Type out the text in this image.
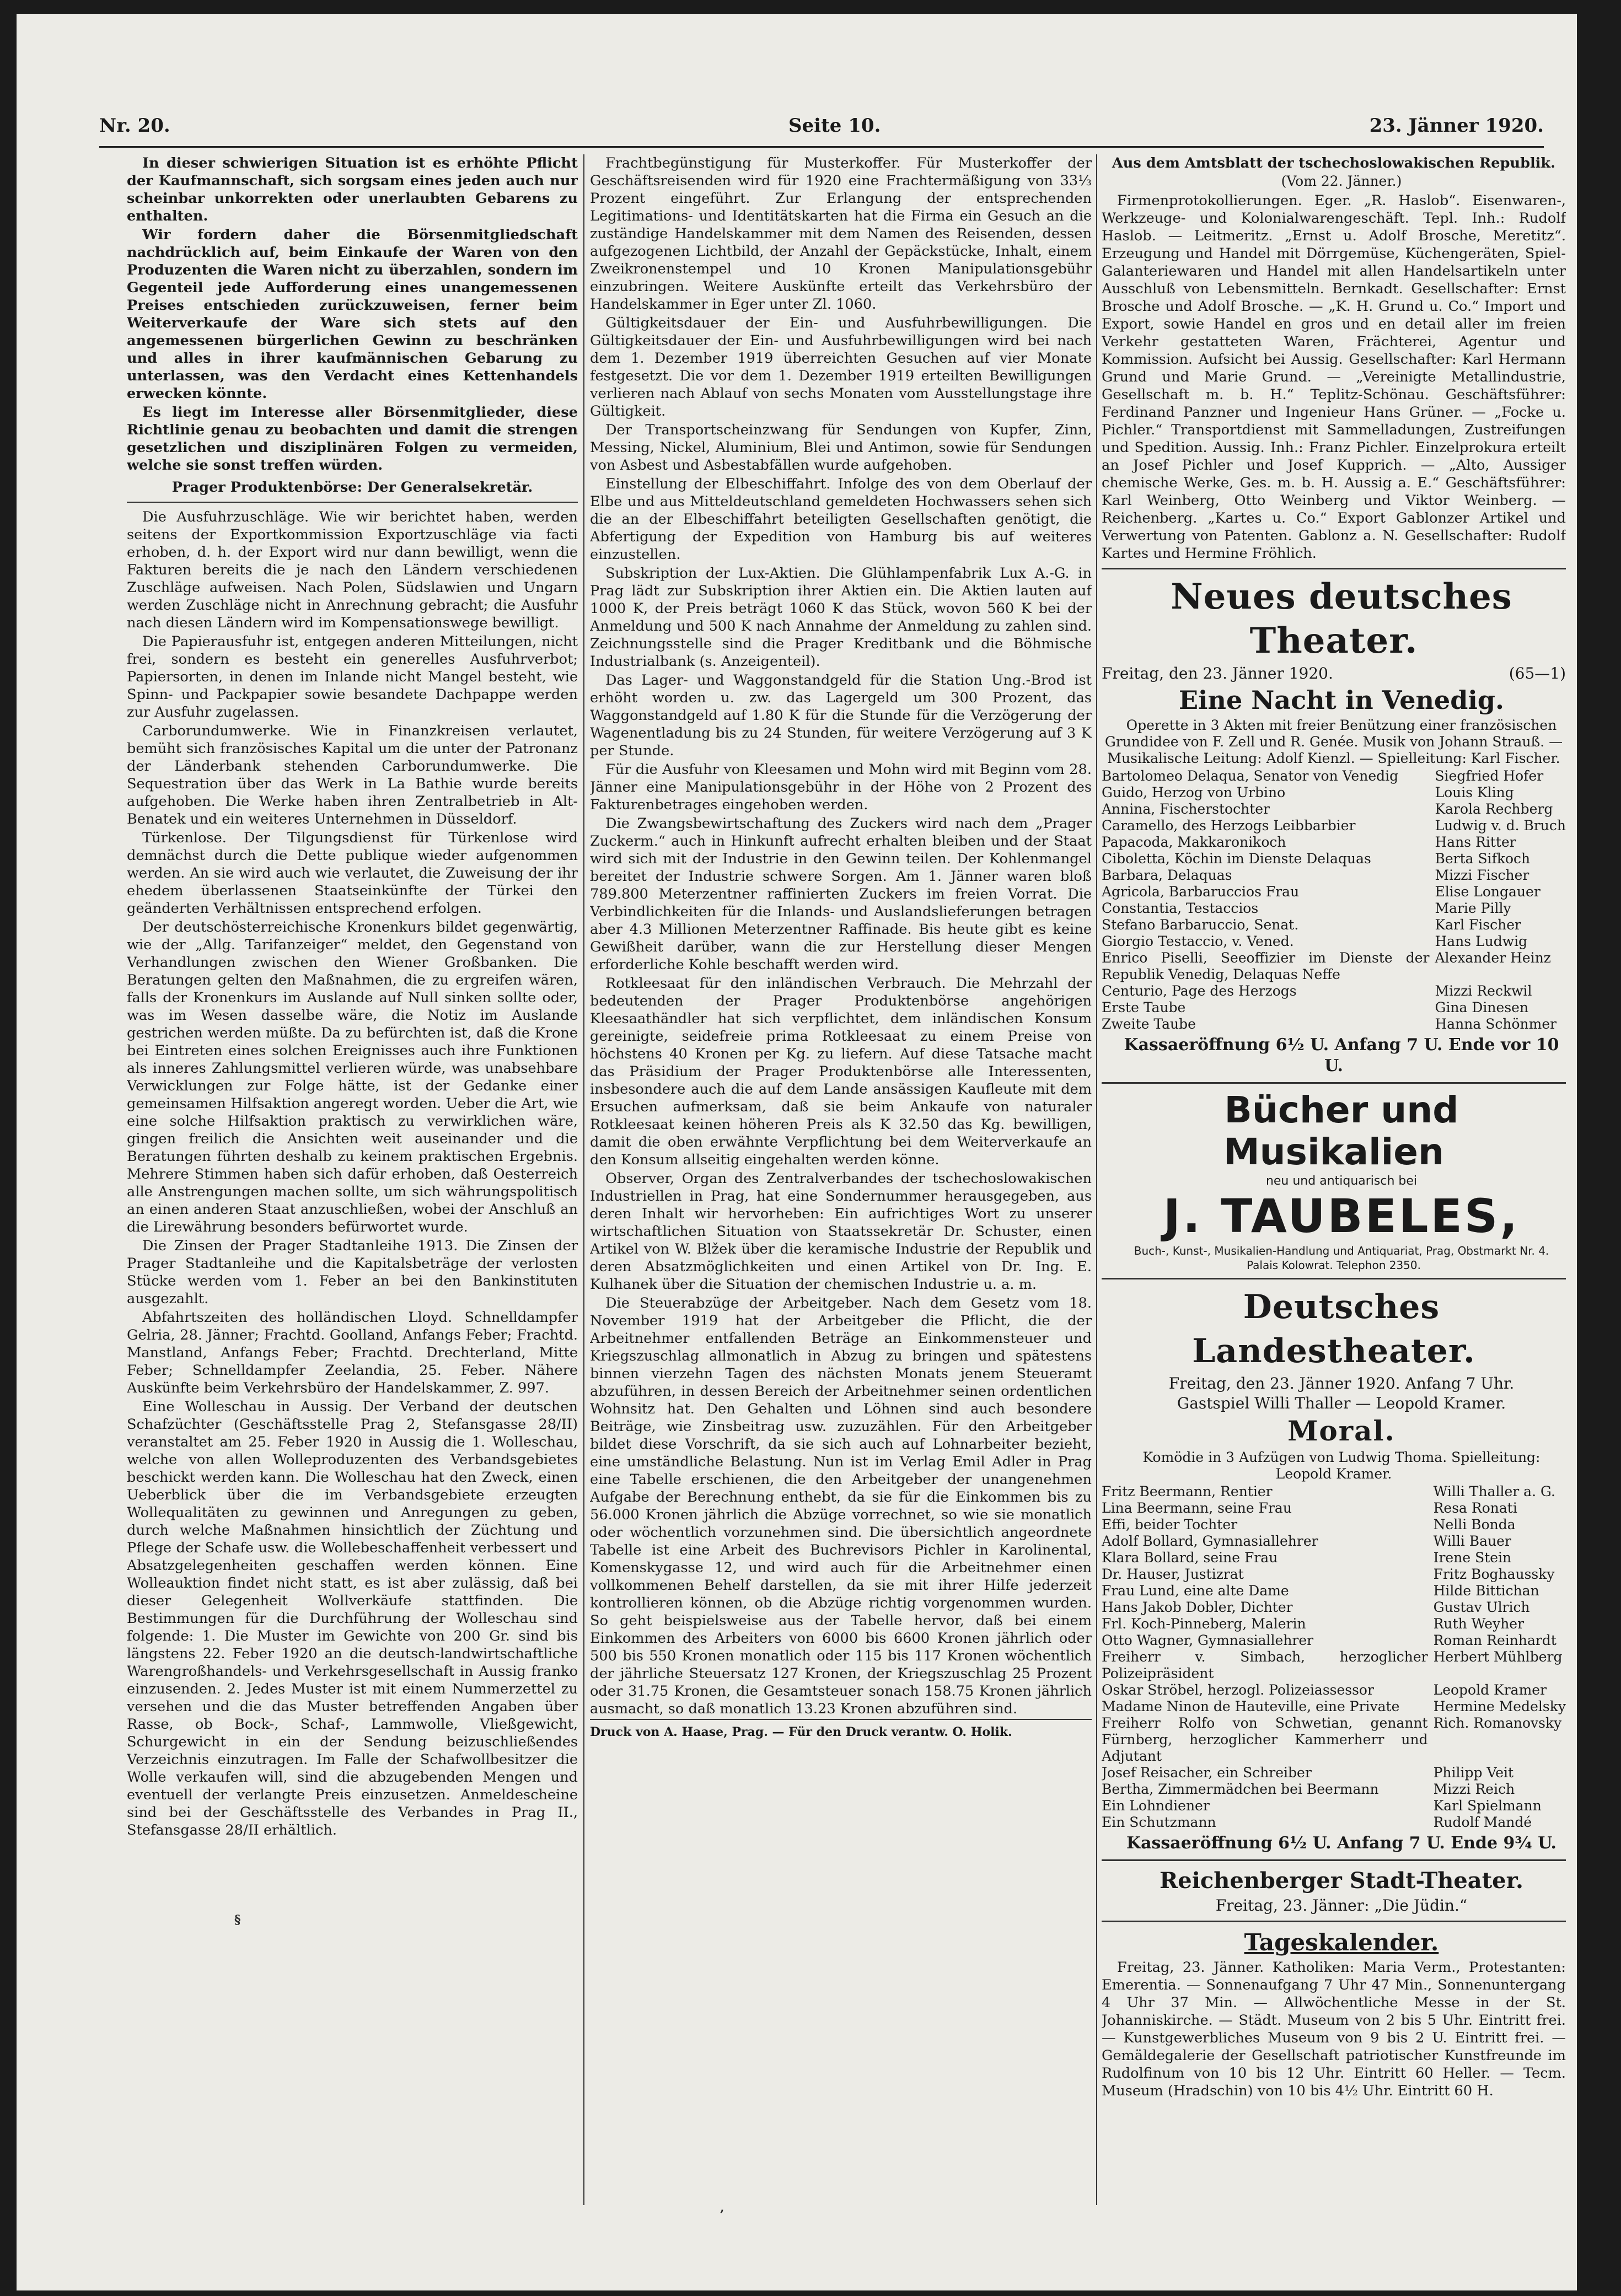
Nr. 20.	Seite 10.	23. Jänner 1920.

In dieser schwierigen Situation ist es erhöhte Pflicht der Kaufmannschaft, sich sorgsam eines jeden auch nur scheinbar unkorrekten oder unerlaubten Gebarens zu enthalten.

Wir fordern daher die Börsenmitgliedschaft nachdrücklich auf, beim Einkaufe der Waren von den Produzenten die Waren nicht zu überzahlen, sondern im Gegenteil jede Aufforderung eines unangemessenen Preises entschieden zurückzuweisen, ferner beim Weiterverkaufe der Ware sich stets auf den angemessenen bürgerlichen Gewinn zu beschränken und alles in ihrer kaufmännischen Gebarung zu unterlassen, was den Verdacht eines Kettenhandels erwecken könnte.

Es liegt im Interesse aller Börsenmitglieder, diese Richtlinie genau zu beobachten und damit die strengen gesetzlichen und disziplinären Folgen zu vermeiden, welche sie sonst treffen würden.

Prager Produktenbörse: Der Generalsekretär.

Die Ausfuhrzuschläge. Wie wir berichtet haben, werden seitens der Exportkommission Exportzuschläge via facti erhoben, d. h. der Export wird nur dann bewilligt, wenn die Fakturen bereits die je nach den Ländern verschiedenen Zuschläge aufweisen. Nach Polen, Südslawien und Ungarn werden Zuschläge nicht in Anrechnung gebracht; die Ausfuhr nach diesen Ländern wird im Kompensationswege bewilligt.

Die Papierausfuhr ist, entgegen anderen Mitteilungen, nicht frei, sondern es besteht ein generelles Ausfuhrverbot; Papiersorten, in denen im Inlande nicht Mangel besteht, wie Spinn- und Packpapier sowie besandete Dachpappe werden zur Ausfuhr zugelassen.

Carborundumwerke. Wie in Finanzkreisen verlautet, bemüht sich französisches Kapital um die unter der Patronanz der Länderbank stehenden Carborundumwerke. Die Sequestration über das Werk in La Bathie wurde bereits aufgehoben. Die Werke haben ihren Zentralbetrieb in Alt-Benatek und ein weiteres Unternehmen in Düsseldorf.

Türkenlose. Der Tilgungsdienst für Türkenlose wird demnächst durch die Dette publique wieder aufgenommen werden. An sie wird auch wie verlautet, die Zuweisung der ihr ehedem überlassenen Staatseinkünfte der Türkei den geänderten Verhältnissen entsprechend erfolgen.

Der deutschösterreichische Kronenkurs bildet gegenwärtig, wie der „Allg. Tarifanzeiger“ meldet, den Gegenstand von Verhandlungen zwischen den Wiener Großbanken. Die Beratungen gelten den Maßnahmen, die zu ergreifen wären, falls der Kronenkurs im Auslande auf Null sinken sollte oder, was im Wesen dasselbe wäre, die Notiz im Auslande gestrichen werden müßte. Da zu befürchten ist, daß die Krone bei Eintreten eines solchen Ereignisses auch ihre Funktionen als inneres Zahlungsmittel verlieren würde, was unabsehbare Verwicklungen zur Folge hätte, ist der Gedanke einer gemeinsamen Hilfsaktion angeregt worden. Ueber die Art, wie eine solche Hilfsaktion praktisch zu verwirklichen wäre, gingen freilich die Ansichten weit auseinander und die Beratungen führten deshalb zu keinem praktischen Ergebnis. Mehrere Stimmen haben sich dafür erhoben, daß Oesterreich alle Anstrengungen machen sollte, um sich währungspolitisch an einen anderen Staat anzuschließen, wobei der Anschluß an die Lirewährung besonders befürwortet wurde.

Die Zinsen der Prager Stadtanleihe 1913. Die Zinsen der Prager Stadtanleihe und die Kapitalsbeträge der verlosten Stücke werden vom 1. Feber an bei den Bankinstituten ausgezahlt.

Abfahrtszeiten des holländischen Lloyd. Schnelldampfer Gelria, 28. Jänner; Frachtd. Goolland, Anfangs Feber; Frachtd. Manstland, Anfangs Feber; Frachtd. Drechterland, Mitte Feber; Schnelldampfer Zeelandia, 25. Feber. Nähere Auskünfte beim Verkehrsbüro der Handelskammer, Z. 997.

Eine Wolleschau in Aussig. Der Verband der deutschen Schafzüchter (Geschäftsstelle Prag 2, Stefansgasse 28/II) veranstaltet am 25. Feber 1920 in Aussig die 1. Wolleschau, welche von allen Wolleproduzenten des Verbandsgebietes beschickt werden kann. Die Wolleschau hat den Zweck, einen Ueberblick über die im Verbandsgebiete erzeugten Wollequalitäten zu gewinnen und Anregungen zu geben, durch welche Maßnahmen hinsichtlich der Züchtung und Pflege der Schafe usw. die Wollebeschaffenheit verbessert und Absatzgelegenheiten geschaffen werden können. Eine Wolleauktion findet nicht statt, es ist aber zulässig, daß bei dieser Gelegenheit Wollverkäufe stattfinden. Die Bestimmungen für die Durchführung der Wolleschau sind folgende: 1. Die Muster im Gewichte von 200 Gr. sind bis längstens 22. Feber 1920 an die deutsch-landwirtschaftliche Warengroßhandels- und Verkehrsgesellschaft in Aussig franko einzusenden. 2. Jedes Muster ist mit einem Nummerzettel zu versehen und die das Muster betreffenden Angaben über Rasse, ob Bock-, Schaf-, Lammwolle, Vließgewicht, Schurgewicht in ein der Sendung beizuschließendes Verzeichnis einzutragen. Im Falle der Schafwollbesitzer die Wolle verkaufen will, sind die abzugebenden Mengen und eventuell der verlangte Preis einzusetzen. Anmeldescheine sind bei der Geschäftsstelle des Verbandes in Prag II., Stefansgasse 28/II erhältlich.

Frachtbegünstigung für Musterkoffer. Für Musterkoffer der Geschäftsreisenden wird für 1920 eine Frachtermäßigung von 33⅓ Prozent eingeführt. Zur Erlangung der entsprechenden Legitimations- und Identitätskarten hat die Firma ein Gesuch an die zuständige Handelskammer mit dem Namen des Reisenden, dessen aufgezogenen Lichtbild, der Anzahl der Gepäckstücke, Inhalt, einem Zweikronenstempel und 10 Kronen Manipulationsgebühr einzubringen. Weitere Auskünfte erteilt das Verkehrsbüro der Handelskammer in Eger unter Zl. 1060.

Gültigkeitsdauer der Ein- und Ausfuhrbewilligungen. Die Gültigkeitsdauer der Ein- und Ausfuhrbewilligungen wird bei nach dem 1. Dezember 1919 überreichten Gesuchen auf vier Monate festgesetzt. Die vor dem 1. Dezember 1919 erteilten Bewilligungen verlieren nach Ablauf von sechs Monaten vom Ausstellungstage ihre Gültigkeit.

Der Transportscheinzwang für Sendungen von Kupfer, Zinn, Messing, Nickel, Aluminium, Blei und Antimon, sowie für Sendungen von Asbest und Asbestabfällen wurde aufgehoben.

Einstellung der Elbeschiffahrt. Infolge des von dem Oberlauf der Elbe und aus Mitteldeutschland gemeldeten Hochwassers sehen sich die an der Elbeschiffahrt beteiligten Gesellschaften genötigt, die Abfertigung der Expedition von Hamburg bis auf weiteres einzustellen.

Subskription der Lux-Aktien. Die Glühlampenfabrik Lux A.-G. in Prag lädt zur Subskription ihrer Aktien ein. Die Aktien lauten auf 1000 K, der Preis beträgt 1060 K das Stück, wovon 560 K bei der Anmeldung und 500 K nach Annahme der Anmeldung zu zahlen sind. Zeichnungsstelle sind die Prager Kreditbank und die Böhmische Industrialbank (s. Anzeigenteil).

Das Lager- und Waggonstandgeld für die Station Ung.-Brod ist erhöht worden u. zw. das Lagergeld um 300 Prozent, das Waggonstandgeld auf 1.80 K für die Stunde für die Verzögerung der Wagenentladung bis zu 24 Stunden, für weitere Verzögerung auf 3 K per Stunde.

Für die Ausfuhr von Kleesamen und Mohn wird mit Beginn vom 28. Jänner eine Manipulationsgebühr in der Höhe von 2 Prozent des Fakturenbetrages eingehoben werden.

Die Zwangsbewirtschaftung des Zuckers wird nach dem „Prager Zuckerm.“ auch in Hinkunft aufrecht erhalten bleiben und der Staat wird sich mit der Industrie in den Gewinn teilen. Der Kohlenmangel bereitet der Industrie schwere Sorgen. Am 1. Jänner waren bloß 789.800 Meterzentner raffinierten Zuckers im freien Vorrat. Die Verbindlichkeiten für die Inlands- und Auslandslieferungen betragen aber 4.3 Millionen Meterzentner Raffinade. Bis heute gibt es keine Gewißheit darüber, wann die zur Herstellung dieser Mengen erforderliche Kohle beschafft werden wird.

Rotkleesaat für den inländischen Verbrauch. Die Mehrzahl der bedeutenden der Prager Produktenbörse angehörigen Kleesaathändler hat sich verpflichtet, dem inländischen Konsum gereinigte, seidefreie prima Rotkleesaat zu einem Preise von höchstens 40 Kronen per Kg. zu liefern. Auf diese Tatsache macht das Präsidium der Prager Produktenbörse alle Interessenten, insbesondere auch die auf dem Lande ansässigen Kaufleute mit dem Ersuchen aufmerksam, daß sie beim Ankaufe von naturaler Rotkleesaat keinen höheren Preis als K 32.50 das Kg. bewilligen, damit die oben erwähnte Verpflichtung bei dem Weiterverkaufe an den Konsum allseitig eingehalten werden könne.

Observer, Organ des Zentralverbandes der tschechoslowakischen Industriellen in Prag, hat eine Sondernummer herausgegeben, aus deren Inhalt wir hervorheben: Ein aufrichtiges Wort zu unserer wirtschaftlichen Situation von Staatssekretär Dr. Schuster, einen Artikel von W. Blžek über die keramische Industrie der Republik und deren Absatzmöglichkeiten und einen Artikel von Dr. Ing. E. Kulhanek über die Situation der chemischen Industrie u. a. m.

Die Steuerabzüge der Arbeitgeber. Nach dem Gesetz vom 18. November 1919 hat der Arbeitgeber die Pflicht, die der Arbeitnehmer entfallenden Beträge an Einkommensteuer und Kriegszuschlag allmonatlich in Abzug zu bringen und spätestens binnen vierzehn Tagen des nächsten Monats jenem Steueramt abzuführen, in dessen Bereich der Arbeitnehmer seinen ordentlichen Wohnsitz hat. Den Gehalten und Löhnen sind auch besondere Beiträge, wie Zinsbeitrag usw. zuzuzählen. Für den Arbeitgeber bildet diese Vorschrift, da sie sich auch auf Lohnarbeiter bezieht, eine umständliche Belastung. Nun ist im Verlag Emil Adler in Prag eine Tabelle erschienen, die den Arbeitgeber der unangenehmen Aufgabe der Berechnung enthebt, da sie für die Einkommen bis zu 56.000 Kronen jährlich die Abzüge vorrechnet, so wie sie monatlich oder wöchentlich vorzunehmen sind. Die übersichtlich angeordnete Tabelle ist eine Arbeit des Buchrevisors Pichler in Karolinental, Komenskygasse 12, und wird auch für die Arbeitnehmer einen vollkommenen Behelf darstellen, da sie mit ihrer Hilfe jederzeit kontrollieren können, ob die Abzüge richtig vorgenommen wurden. So geht beispielsweise aus der Tabelle hervor, daß bei einem Einkommen des Arbeiters von 6000 bis 6600 Kronen jährlich oder 500 bis 550 Kronen monatlich oder 115 bis 117 Kronen wöchentlich der jährliche Steuersatz 127 Kronen, der Kriegszuschlag 25 Prozent oder 31.75 Kronen, die Gesamtsteuer sonach 158.75 Kronen jährlich ausmacht, so daß monatlich 13.23 Kronen abzuführen sind.

Druck von A. Haase, Prag. — Für den Druck verantw. O. Holik.

Aus dem Amtsblatt der tschechoslowakischen Republik.

(Vom 22. Jänner.)

Firmenprotokollierungen. Eger. „R. Haslob“. Eisenwaren-, Werkzeuge- und Kolonialwarengeschäft. Tepl. Inh.: Rudolf Haslob. — Leitmeritz. „Ernst u. Adolf Brosche, Meretitz“. Erzeugung und Handel mit Dörrgemüse, Küchengeräten, Spiel-Galanteriewaren und Handel mit allen Handelsartikeln unter Ausschluß von Lebensmitteln. Bernkadt. Gesellschafter: Ernst Brosche und Adolf Brosche. — „K. H. Grund u. Co.“ Import und Export, sowie Handel en gros und en detail aller im freien Verkehr gestatteten Waren, Frächterei, Agentur und Kommission. Aufsicht bei Aussig. Gesellschafter: Karl Hermann Grund und Marie Grund. — „Vereinigte Metallindustrie, Gesellschaft m. b. H.“ Teplitz-Schönau. Geschäftsführer: Ferdinand Panzner und Ingenieur Hans Grüner. — „Focke u. Pichler.“ Transportdienst mit Sammelladungen, Zustreifungen und Spedition. Aussig. Inh.: Franz Pichler. Einzelprokura erteilt an Josef Pichler und Josef Kupprich. — „Alto, Aussiger chemische Werke, Ges. m. b. H. Aussig a. E.“ Geschäftsführer: Karl Weinberg, Otto Weinberg und Viktor Weinberg. — Reichenberg. „Kartes u. Co.“ Export Gablonzer Artikel und Verwertung von Patenten. Gablonz a. N. Gesellschafter: Rudolf Kartes und Hermine Fröhlich.

Neues deutsches Theater.

Freitag, den 23. Jänner 1920.	(65—1)

Eine Nacht in Venedig.

Operette in 3 Akten mit freier Benützung einer französischen Grundidee von F. Zell und R. Genée. Musik von Johann Strauß. — Musikalische Leitung: Adolf Kienzl. — Spielleitung: Karl Fischer.

Bartolomeo Delaqua, Senator von Venedig	Siegfried Hofer
Guido, Herzog von Urbino	Louis Kling
Annina, Fischerstochter	Karola Rechberg
Caramello, des Herzogs Leibbarbier	Ludwig v. d. Bruch
Papacoda, Makkaronikoch	Hans Ritter
Ciboletta, Köchin im Dienste Delaquas	Berta Sifkoch
Barbara, Delaquas	Mizzi Fischer
Agricola, Barbaruccios Frau	Elise Longauer
Constantia, Testaccios	Marie Pilly
Stefano Barbaruccio, Senat.	Karl Fischer
Giorgio Testaccio, v. Vened.	Hans Ludwig
Enrico Piselli, Seeoffizier im Dienste der Republik Venedig, Delaquas Neffe	Alexander Heinz
Centurio, Page des Herzogs	Mizzi Reckwil
Erste Taube	Gina Dinesen
Zweite Taube	Hanna Schönmer

Kassaeröffnung 6½ U. Anfang 7 U. Ende vor 10 U.

Bücher und Musikalien

neu und antiquarisch bei

J. TAUBELES,

Buch-, Kunst-, Musikalien-Handlung und Antiquariat, Prag, Obstmarkt Nr. 4. Palais Kolowrat. Telephon 2350.

Deutsches Landestheater.

Freitag, den 23. Jänner 1920. Anfang 7 Uhr.

Gastspiel Willi Thaller — Leopold Kramer.

Moral.

Komödie in 3 Aufzügen von Ludwig Thoma. Spielleitung: Leopold Kramer.

Fritz Beermann, Rentier	Willi Thaller a. G.
Lina Beermann, seine Frau	Resa Ronati
Effi, beider Tochter	Nelli Bonda
Adolf Bollard, Gymnasiallehrer	Willi Bauer
Klara Bollard, seine Frau	Irene Stein
Dr. Hauser, Justizrat	Fritz Boghaussky
Frau Lund, eine alte Dame	Hilde Bittichan
Hans Jakob Dobler, Dichter	Gustav Ulrich
Frl. Koch-Pinneberg, Malerin	Ruth Weyher
Otto Wagner, Gymnasiallehrer	Roman Reinhardt
Freiherr v. Simbach, herzoglicher Polizeipräsident	Herbert Mühlberg
Oskar Ströbel, herzogl. Polizeiassessor	Leopold Kramer
Madame Ninon de Hauteville, eine Private	Hermine Medelsky
Freiherr Rolfo von Schwetian, genannt Fürnberg, herzoglicher Kammerherr und Adjutant	Rich. Romanovsky
Josef Reisacher, ein Schreiber	Philipp Veit
Bertha, Zimmermädchen bei Beermann	Mizzi Reich
Ein Lohndiener	Karl Spielmann
Ein Schutzmann	Rudolf Mandé

Kassaeröffnung 6½ U. Anfang 7 U. Ende 9¾ U.

Reichenberger Stadt-Theater.

Freitag, 23. Jänner: „Die Jüdin.“

Tageskalender.

Freitag, 23. Jänner. Katholiken: Maria Verm., Protestanten: Emerentia. — Sonnenaufgang 7 Uhr 47 Min., Sonnenuntergang 4 Uhr 37 Min. — Allwöchentliche Messe in der St. Johanniskirche. — Städt. Museum von 2 bis 5 Uhr. Eintritt frei. — Kunstgewerbliches Museum von 9 bis 2 U. Eintritt frei. — Gemäldegalerie der Gesellschaft patriotischer Kunstfreunde im Rudolfinum von 10 bis 12 Uhr. Eintritt 60 Heller. — Tecm. Museum (Hradschin) von 10 bis 4½ Uhr. Eintritt 60 H.

§
ʼ
